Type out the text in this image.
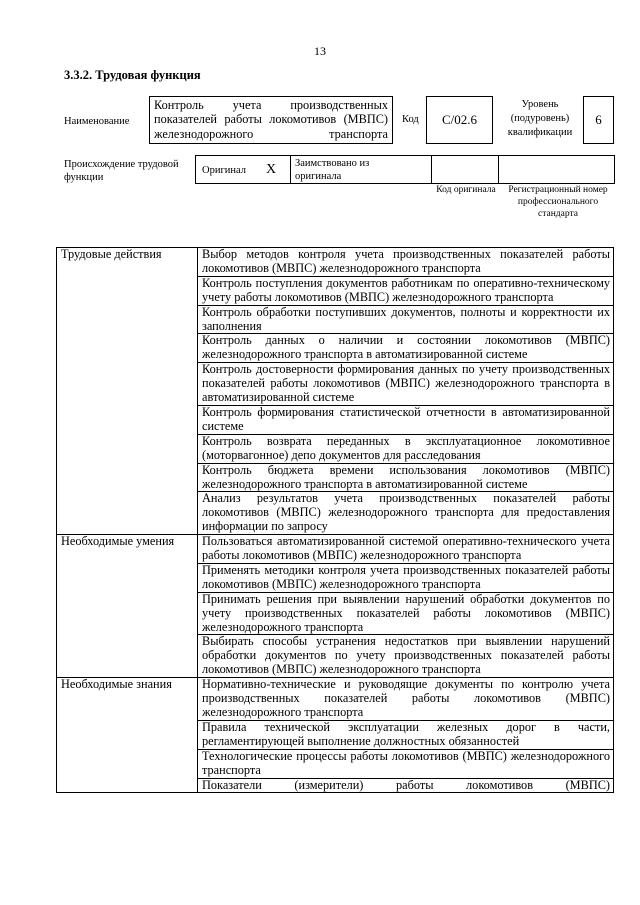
13
3.3.2. Трудовая функция
Наименование
Контроль учета производственных показателей работы локомотивов (МВПС) железнодорожного транспорта
Код	C/02.6
Уровень (подуровень) квалификации
6
Происхождение трудовой функции
Оригинал X Заимствовано из оригинала
Код оригинала	Регистрационный номер профессионального стандарта
Трудовые действия	Выбор методов контроля учета производственных показателей работы локомотивов (МВПС) железнодорожного транспорта
	Контроль поступления документов работникам по оперативно-техническому учету работы локомотивов (МВПС) железнодорожного транспорта
	Контроль обработки поступивших документов, полноты и корректности их заполнения
	Контроль данных о наличии и состоянии локомотивов (МВПС) железнодорожного транспорта в автоматизированной системе
	Контроль достоверности формирования данных по учету производственных показателей работы локомотивов (МВПС) железнодорожного транспорта в автоматизированной системе
	Контроль формирования статистической отчетности в автоматизированной системе
	Контроль возврата переданных в эксплуатационное локомотивное (моторвагонное) депо документов для расследования
	Контроль бюджета времени использования локомотивов (МВПС) железнодорожного транспорта в автоматизированной системе
	Анализ результатов учета производственных показателей работы локомотивов (МВПС) железнодорожного транспорта для предоставления информации по запросу
Необходимые умения	Пользоваться автоматизированной системой оперативно-технического учета работы локомотивов (МВПС) железнодорожного транспорта
	Применять методики контроля учета производственных показателей работы локомотивов (МВПС) железнодорожного транспорта
	Принимать решения при выявлении нарушений обработки документов по учету производственных показателей работы локомотивов (МВПС) железнодорожного транспорта
	Выбирать способы устранения недостатков при выявлении нарушений обработки документов по учету производственных показателей работы локомотивов (МВПС) железнодорожного транспорта
Необходимые знания	Нормативно-технические и руководящие документы по контролю учета производственных показателей работы локомотивов (МВПС) железнодорожного транспорта
	Правила технической эксплуатации железных дорог в части, регламентирующей выполнение должностных обязанностей
	Технологические процессы работы локомотивов (МВПС) железнодорожного транспорта
	Показатели (измерители) работы локомотивов (МВПС)
